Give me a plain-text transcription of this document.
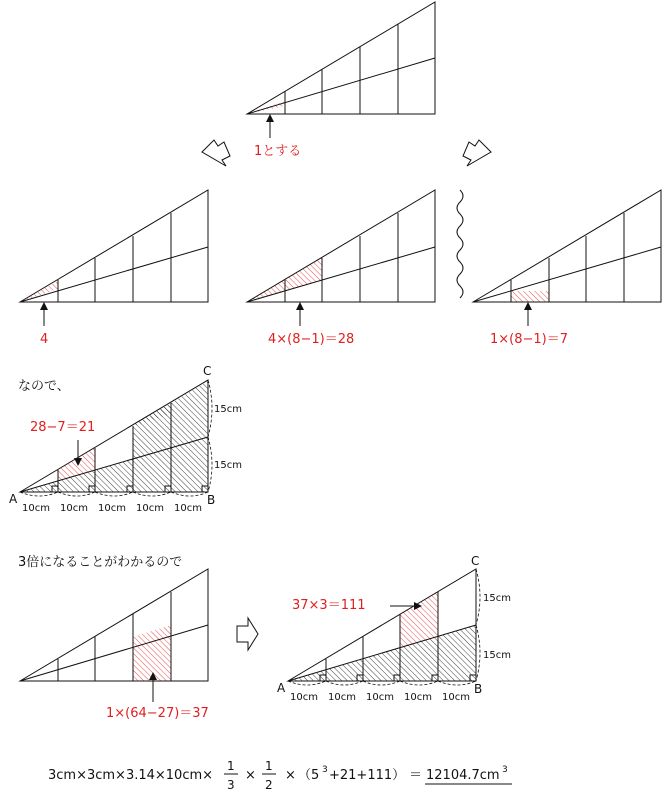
1とする
4	4×(8−1)＝28	1×(8−1)＝7
なので、
28−7＝21
15cm
15cm
A	B
C
10cm 10cm 10cm 10cm 10cm
3倍になることがわかるので
1×(64−27)＝37
37×3＝111	15cm
15cm
A	B
C
10cm 10cm 10cm 10cm 10cm
3cm×3cm×3.14×10cm×
1
3
×
1
2
× （5 3 +21+111） ＝ 12104.7cm 3
